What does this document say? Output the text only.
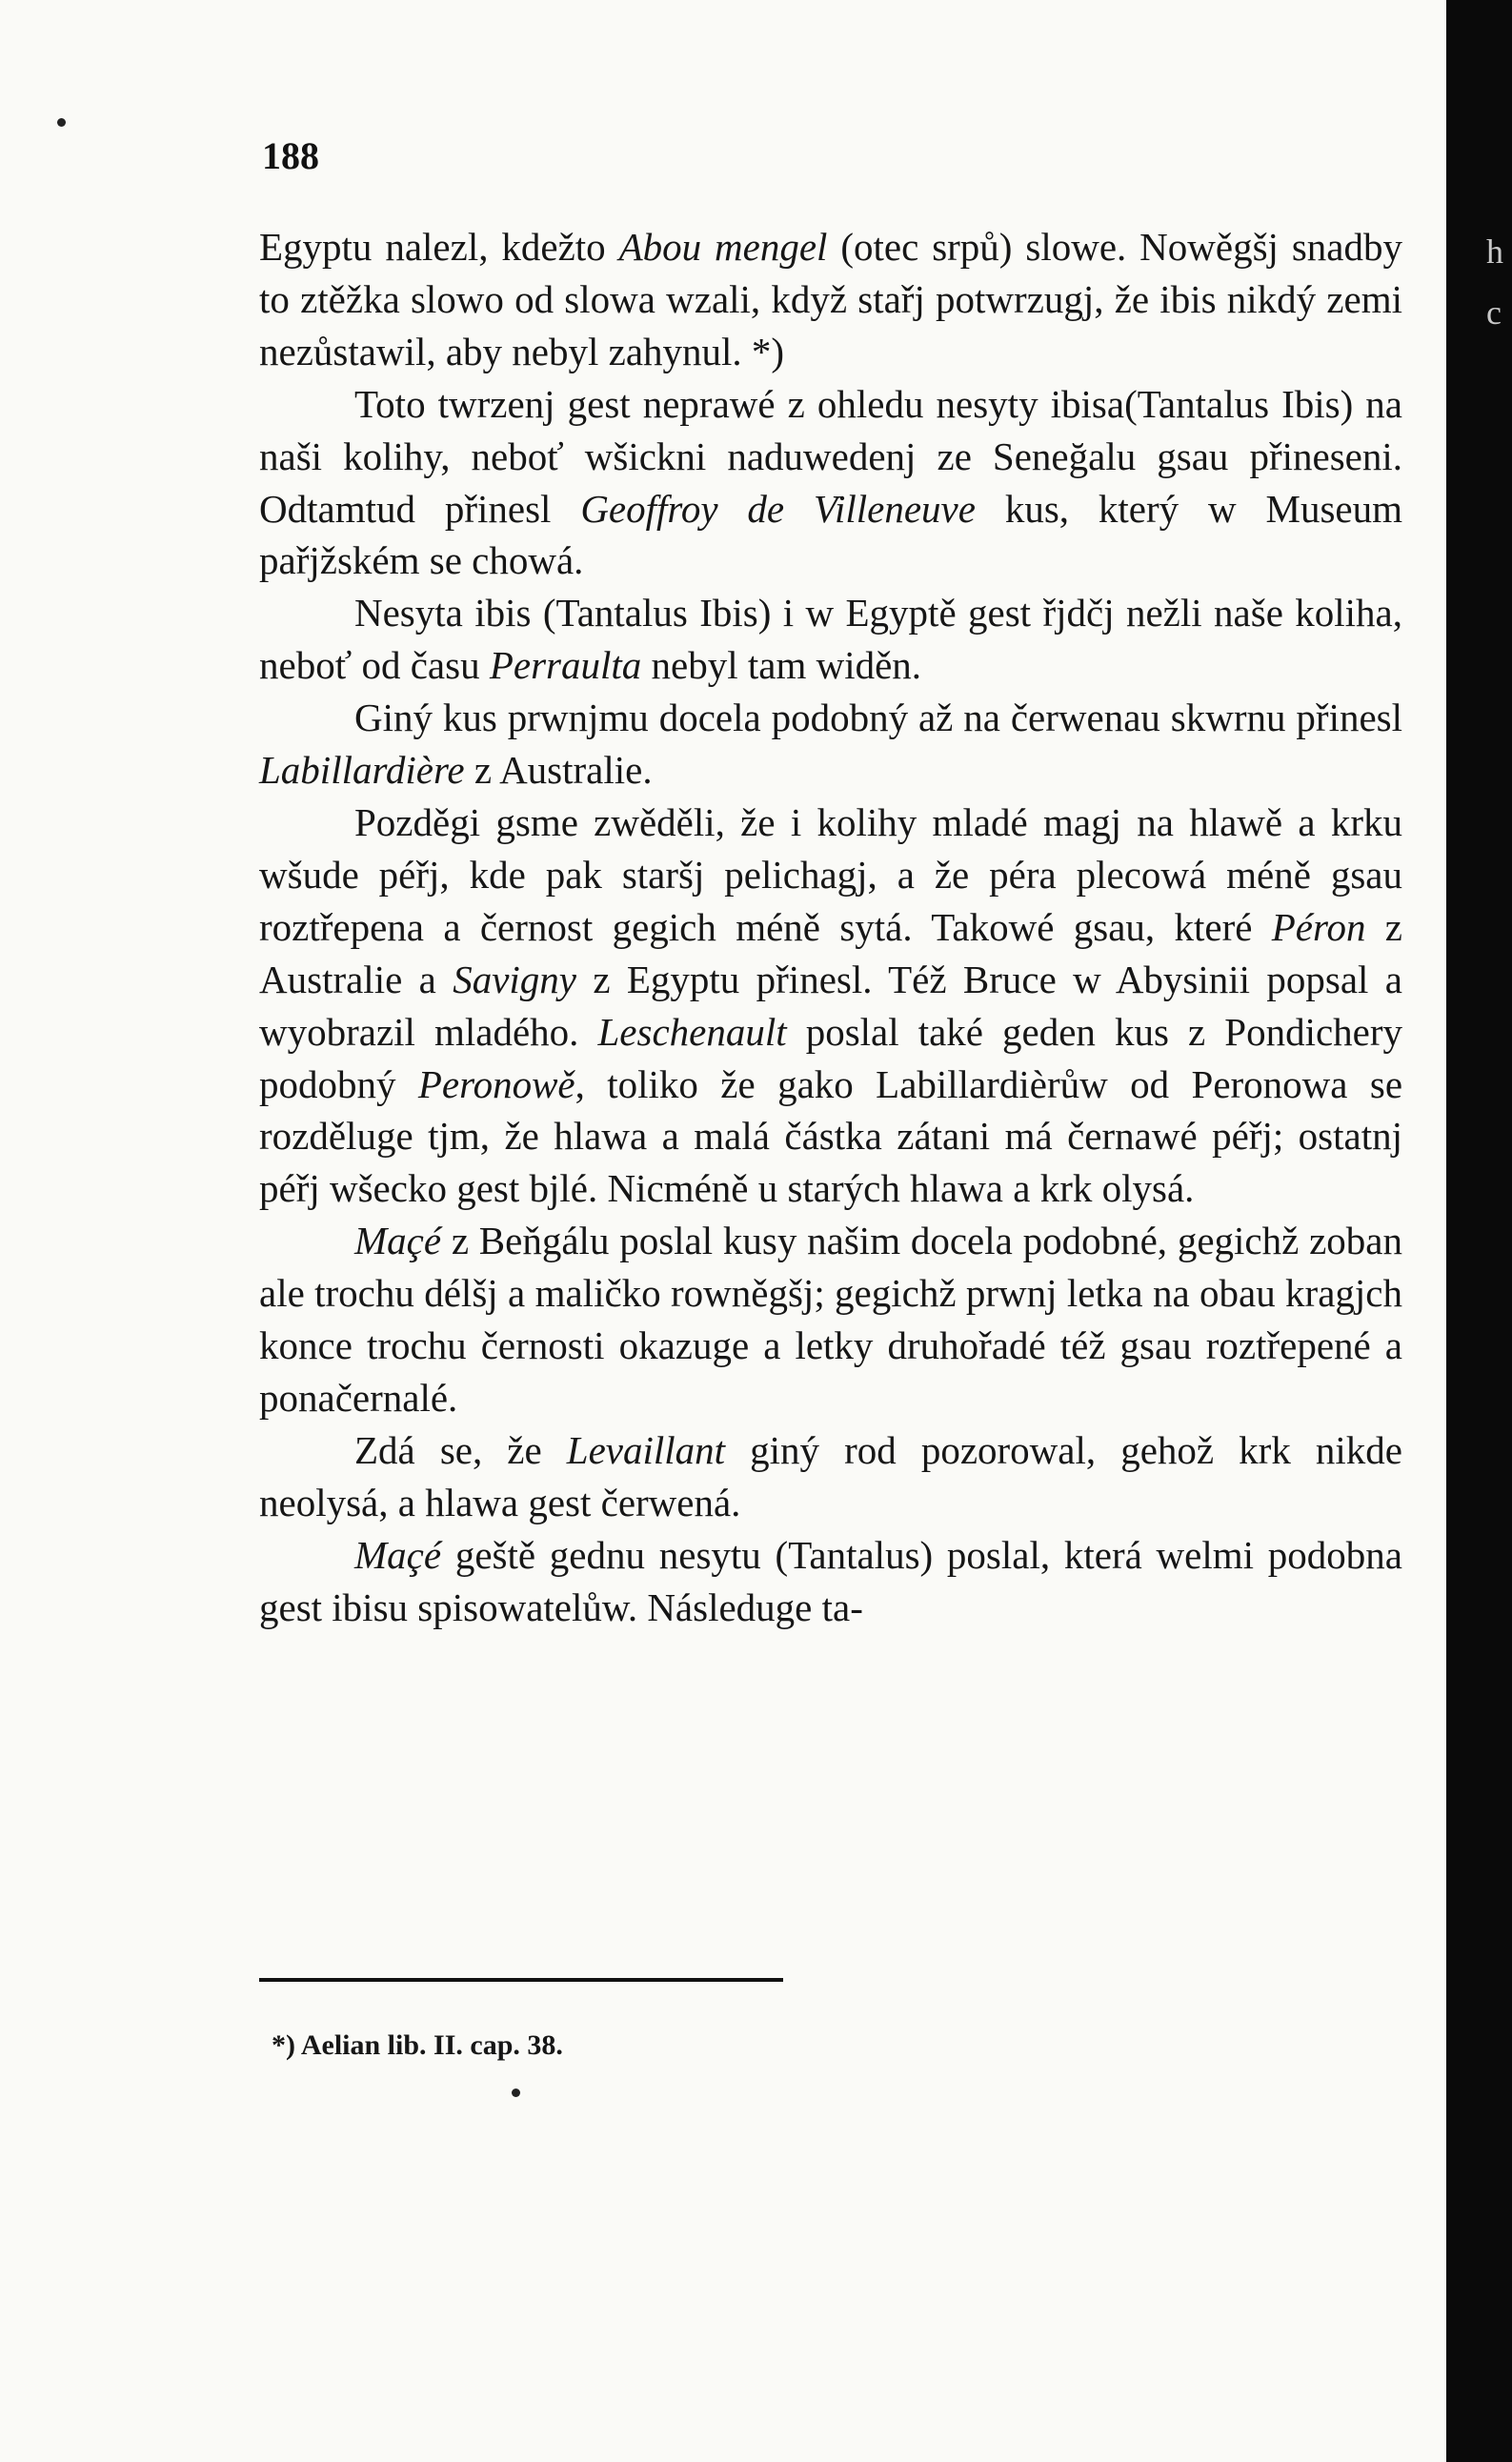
188

Egyptu nalezl, kdežto Abou mengel (otec srpů) slowe. Nowěgšj snadby to ztěžka slowo od slowa wzali, když stařj potwrzugj, že ibis nikdý zemi nezůstawil, aby nebyl zahynul. *)

Toto twrzenj gest neprawé z ohledu nesyty ibisa(Tantalus Ibis) na naši kolihy, neboť wšickni naduwedenj ze Seneğalu gsau přineseni. Odtamtud přinesl Geoffroy de Villeneuve kus, který w Museum pařjžském se chowá.

Nesyta ibis (Tantalus Ibis) i w Egyptě gest řjdčj nežli naše koliha, neboť od času Perraulta nebyl tam widěn.

Giný kus prwnjmu docela podobný až na čerwenau skwrnu přinesl Labillardière z Australie.

Pozděgi gsme zwěděli, že i kolihy mladé magj na hlawě a krku wšude péřj, kde pak staršj pelichagj, a že péra plecowá méně gsau roztřepena a černost gegich méně sytá. Takowé gsau, které Péron z Australie a Savigny z Egyptu přinesl. Též Bruce w Abysinii popsal a wyobrazil mladého. Leschenault poslal také geden kus z Pondichery podobný Peronowě, toliko že gako Labillardièrůw od Peronowa se rozděluge tjm, že hlawa a malá částka zátani má černawé péřj; ostatnj péřj wšecko gest bjlé. Nicméně u starých hlawa a krk olysá.

Maçé z Beňgálu poslal kusy našim docela podobné, gegichž zoban ale trochu délšj a maličko rowněgšj; gegichž prwnj letka na obau kragjch konce trochu černosti okazuge a letky druhořadé též gsau roztřepené a ponačernalé.

Zdá se, že Levaillant giný rod pozorowal, gehož krk nikde neolysá, a hlawa gest čerwená.

Maçé geště gednu nesytu (Tantalus) poslal, která welmi podobna gest ibisu spisowatelůw. Následuge ta-

*) Aelian lib. II. cap. 38.
h
c
